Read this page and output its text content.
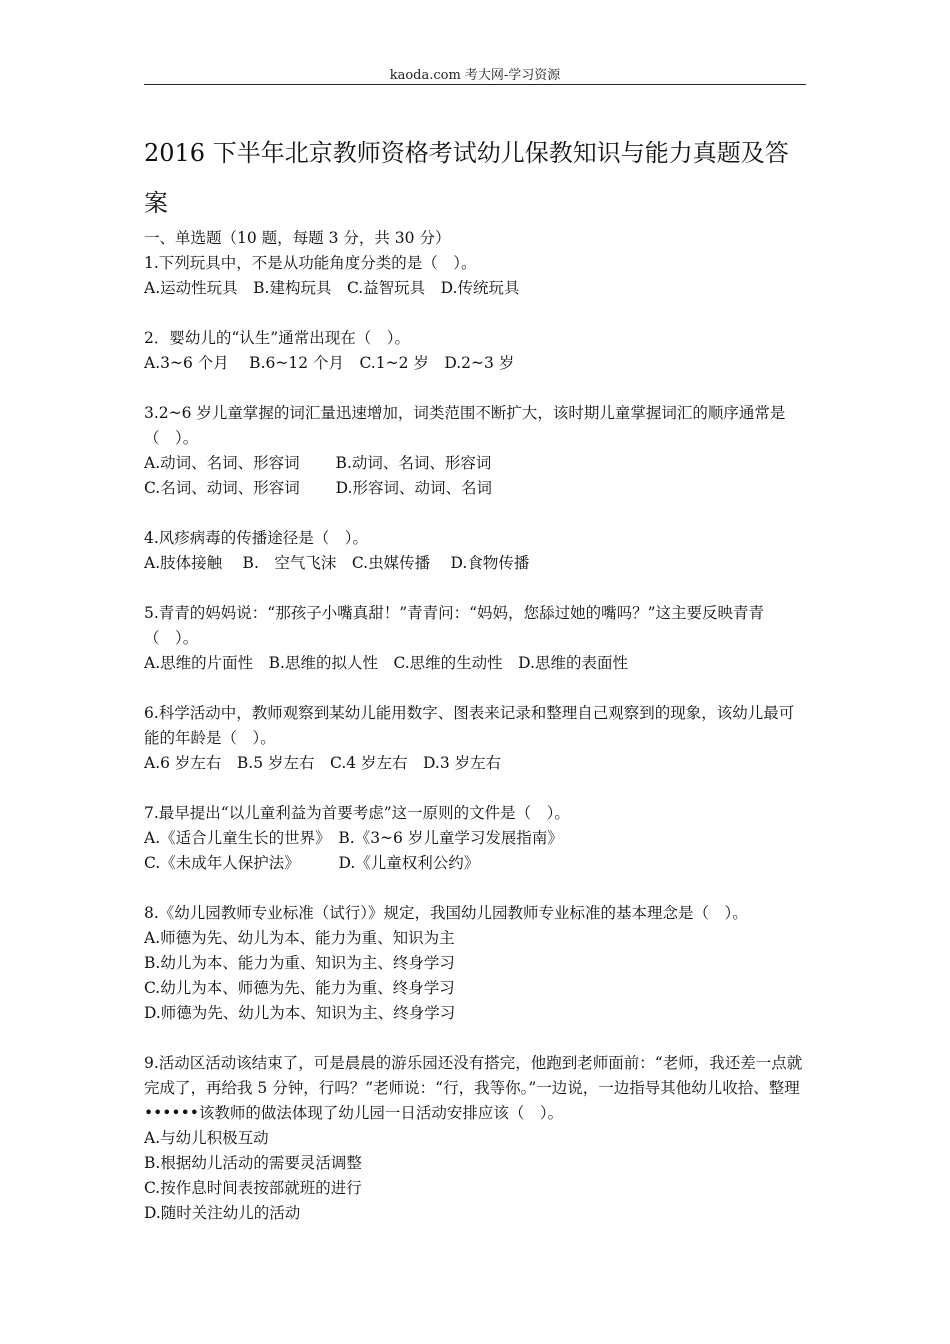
kaoda.com 考大网-学习资源
2016 下半年北京教师资格考试幼儿保教知识与能力真题及答案
一、单选题（10 题，每题 3 分，共 30 分）
1.下列玩具中，不是从功能角度分类的是（　）。
A.运动性玩具　B.建构玩具　C.益智玩具　D.传统玩具
2．婴幼儿的“认生”通常出现在（　）。
A.3~6 个月　 B.6~12 个月　C.1~2 岁　D.2~3 岁
3.2~6 岁儿童掌握的词汇量迅速增加，词类范围不断扩大，该时期儿童掌握词汇的顺序通常是（　）。
A.动词、名词、形容词　　 B.动词、名词、形容词
C.名词、动词、形容词　　 D.形容词、动词、名词
4.风疹病毒的传播途径是（　）。
A.肢体接触　 B.　空气飞沫　C.虫媒传播　 D.食物传播
5.青青的妈妈说：“那孩子小嘴真甜！”青青问：“妈妈，您舔过她的嘴吗？”这主要反映青青（　）。
A.思维的片面性　B.思维的拟人性　C.思维的生动性　D.思维的表面性
6.科学活动中，教师观察到某幼儿能用数字、图表来记录和整理自己观察到的现象，该幼儿最可能的年龄是（　）。
A.6 岁左右　B.5 岁左右　C.4 岁左右　D.3 岁左右
7.最早提出“以儿童利益为首要考虑”这一原则的文件是（　）。
A.《适合儿童生长的世界》　B.《3~6 岁儿童学习发展指南》
C.《未成年人保护法》　　　D.《儿童权利公约》
8.《幼儿园教师专业标准（试行）》规定，我国幼儿园教师专业标准的基本理念是（　）。
A.师德为先、幼儿为本、能力为重、知识为主
B.幼儿为本、能力为重、知识为主、终身学习
C.幼儿为本、师德为先、能力为重、终身学习
D.师德为先、幼儿为本、知识为主、终身学习
9.活动区活动该结束了，可是晨晨的游乐园还没有搭完，他跑到老师面前：“老师，我还差一点就完成了，再给我 5 分钟，行吗？”老师说：“行，我等你。”一边说，一边指导其他幼儿收拾、整理••••••该教师的做法体现了幼儿园一日活动安排应该（　）。
A.与幼儿积极互动
B.根据幼儿活动的需要灵活调整
C.按作息时间表按部就班的进行
D.随时关注幼儿的活动
